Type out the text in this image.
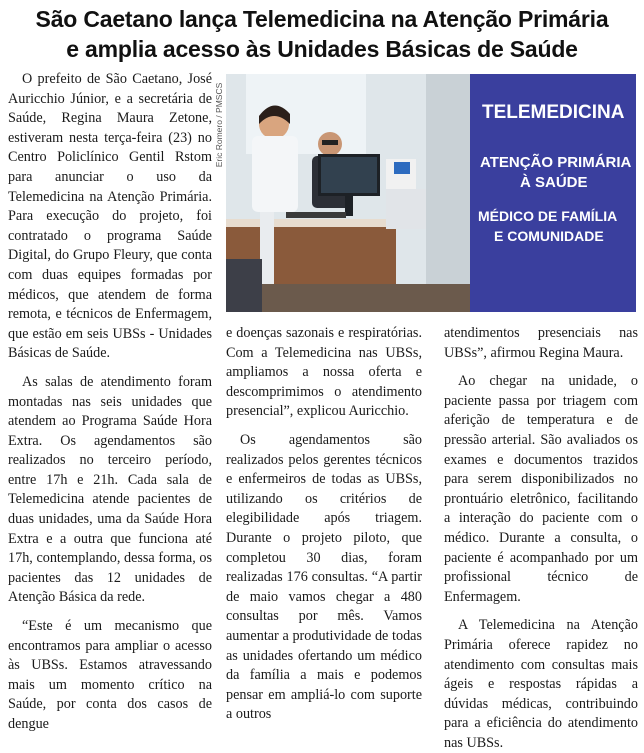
São Caetano lança Telemedicina na Atenção Primária
e amplia acesso às Unidades Básicas de Saúde

O prefeito de São Caetano, José Auricchio Júnior, e a secretária de Saúde, Regina Maura Zetone, estiveram nesta terça-feira (23) no Centro Policlínico Gentil Rstom para anunciar o uso da Telemedicina na Atenção Primária. Para execução do projeto, foi contratado o programa Saúde Digital, do Grupo Fleury, que conta com duas equipes formadas por médicos, que atendem de forma remota, e técnicos de Enfermagem, que estão em seis UBSs - Unidades Básicas de Saúde.

As salas de atendimento foram montadas nas seis unidades que atendem ao Programa Saúde Hora Extra. Os agendamentos são realizados no terceiro período, entre 17h e 21h. Cada sala de Telemedicina atende pacientes de duas unidades, uma da Saúde Hora Extra e a outra que funciona até 17h, contemplando, dessa forma, os pacientes das 12 unidades de Atenção Básica da rede.

“Este é um mecanismo que encontramos para ampliar o acesso às UBSs. Estamos atravessando mais um momento crítico na Saúde, por conta dos casos de dengue

Eric Romero / PMSCS	TELEMEDICINA
ATENÇÃO PRIMÁRIA
À SAÚDE
MÉDICO DE FAMÍLIA
E COMUNIDADE

e doenças sazonais e respiratórias. Com a Telemedicina nas UBSs, ampliamos a nossa oferta e descomprimimos o atendimento presencial”, explicou Auricchio.

Os agendamentos são realizados pelos gerentes técnicos e enfermeiros de todas as UBSs, utilizando os critérios de elegibilidade após triagem. Durante o projeto piloto, que completou 30 dias, foram realizadas 176 consultas. “A partir de maio vamos chegar a 480 consultas por mês. Vamos aumentar a produtividade de todas as unidades ofertando um médico da família a mais e podemos pensar em ampliá-lo com suporte a outros

atendimentos presenciais nas UBSs”, afirmou Regina Maura.

Ao chegar na unidade, o paciente passa por triagem com aferição de temperatura e de pressão arterial. São avaliados os exames e documentos trazidos para serem disponibilizados no prontuário eletrônico, facilitando a interação do paciente com o médico. Durante a consulta, o paciente é acompanhado por um profissional técnico de Enfermagem.

A Telemedicina na Atenção Primária oferece rapidez no atendimento com consultas mais ágeis e respostas rápidas a dúvidas médicas, contribuindo para a eficiência do atendimento nas UBSs.
